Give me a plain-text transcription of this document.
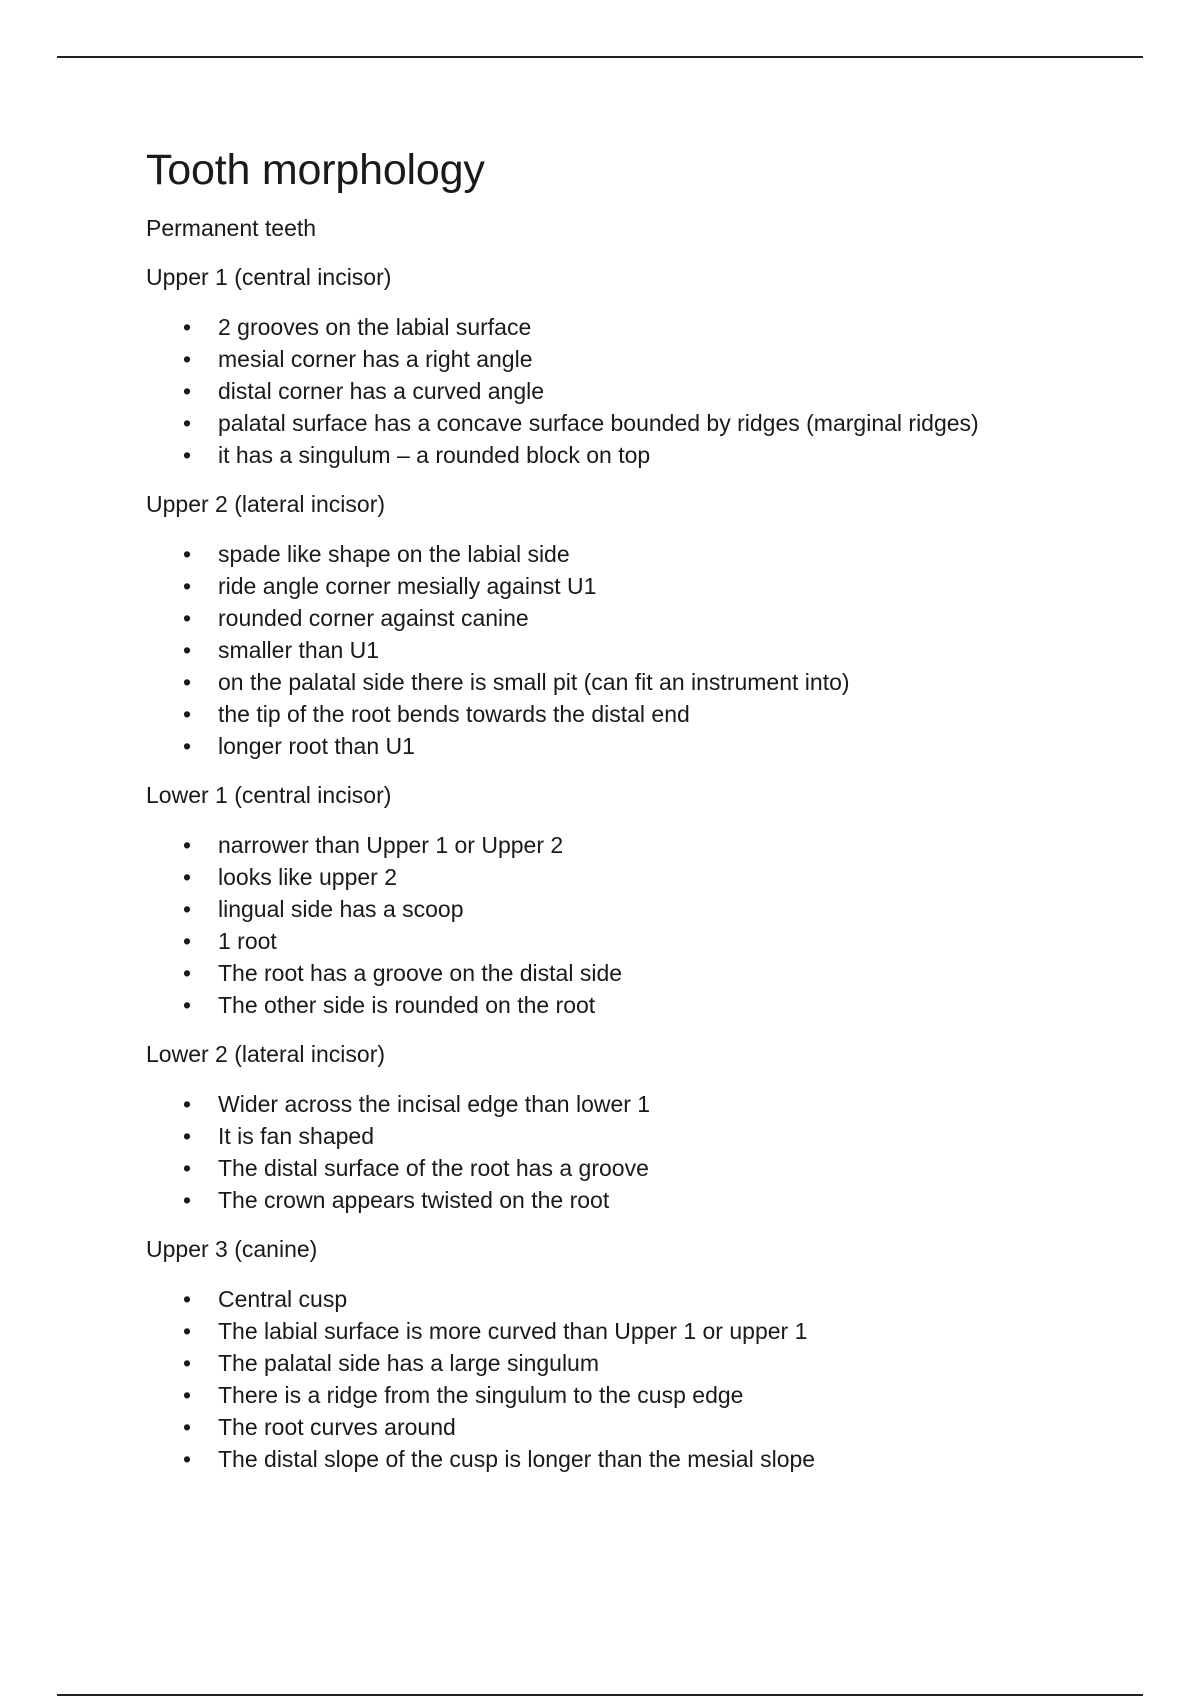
Tooth morphology

Permanent teeth

Upper 1 (central incisor)

• 2 grooves on the labial surface
• mesial corner has a right angle
• distal corner has a curved angle
• palatal surface has a concave surface bounded by ridges (marginal ridges)
• it has a singulum – a rounded block on top

Upper 2 (lateral incisor)

• spade like shape on the labial side
• ride angle corner mesially against U1
• rounded corner against canine
• smaller than U1
• on the palatal side there is small pit (can fit an instrument into)
• the tip of the root bends towards the distal end
• longer root than U1

Lower 1 (central incisor)

• narrower than Upper 1 or Upper 2
• looks like upper 2
• lingual side has a scoop
• 1 root
• The root has a groove on the distal side
• The other side is rounded on the root

Lower 2 (lateral incisor)

• Wider across the incisal edge than lower 1
• It is fan shaped
• The distal surface of the root has a groove
• The crown appears twisted on the root

Upper 3 (canine)

• Central cusp
• The labial surface is more curved than Upper 1 or upper 1
• The palatal side has a large singulum
• There is a ridge from the singulum to the cusp edge
• The root curves around
• The distal slope of the cusp is longer than the mesial slope
